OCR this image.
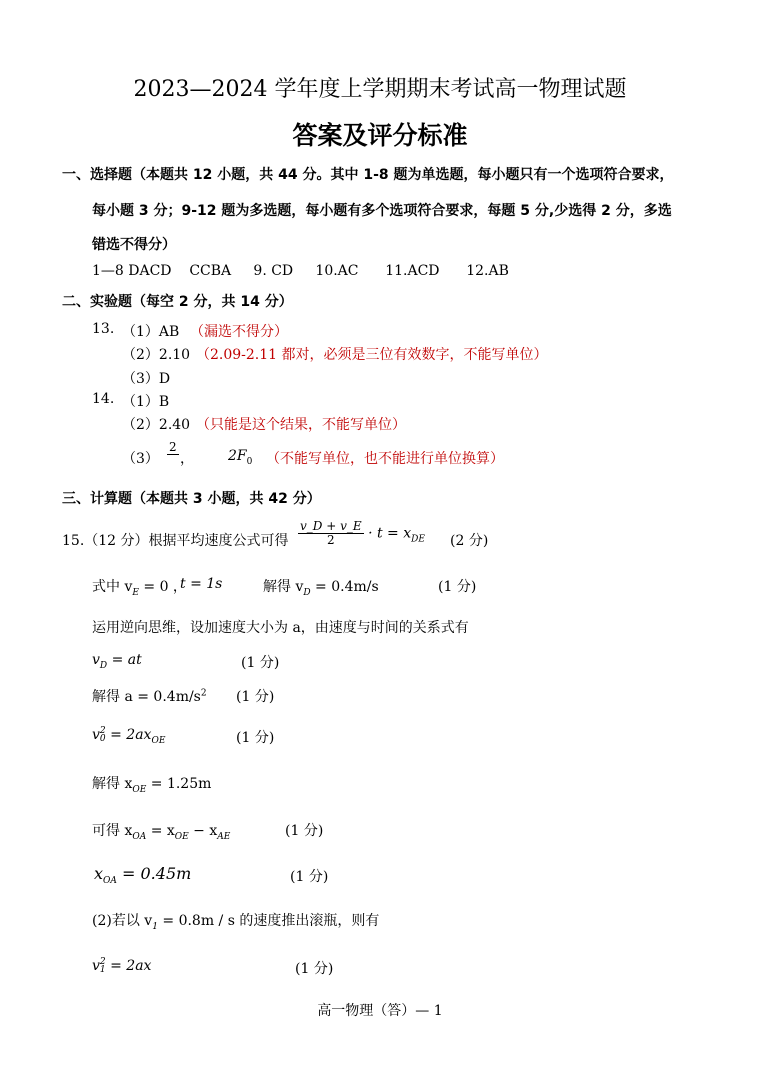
2023—2024 学年度上学期期末考试高一物理试题
答案及评分标准
一、选择题（本题共 12 小题，共 44 分。其中 1-8 题为单选题，每小题只有一个选项符合要求，
每小题 3 分；9-12 题为多选题，每小题有多个选项符合要求，每题 5 分,少选得 2 分，多选
错选不得分）
1—8 DACD    CCBA     9. CD     10.AC      11.ACD      12.AB
二、实验题（每空 2 分，共 14 分）
13. （1）AB （漏选不得分）
（2）2.10 （2.09-2.11 都对，必须是三位有效数字，不能写单位）
（3）D
14. （1）B
（2）2.40 （只能是这个结果，不能写单位）
（3）
2
， $2F_0$ （不能写单位，也不能进行单位换算）
三、计算题（本题共 3 小题，共 42 分）
15.（12 分）根据平均速度公式可得 $\frac{v\_D + v\_E}{2} \cdot t = x_{DE}$ (2 分)
式中 $v_E = 0$ ，
t = 1s	解得 $v_D = 0.4m/s$	(1 分)
运用逆向思维，设加速度大小为 a，由速度与时间的关系式有
$v_D$ = at	(1 分)
解得 $a = 0.4m/s^2$ (1 分)
v 2
$0 = 2ax_{OE}$	(1 分)
解得 $x_{OE} = 1.25m$
可得 $x_{OA} = x_{OE} - x_{AE}$	(1 分)
$x_{OA} = 0.45m$	(1 分)
(2)若以 $v_1 = 0.8m / s$ 的速度推出滚瓶，则有
v 2
1 = 2ax	(1 分)
高一物理（答）— 1
